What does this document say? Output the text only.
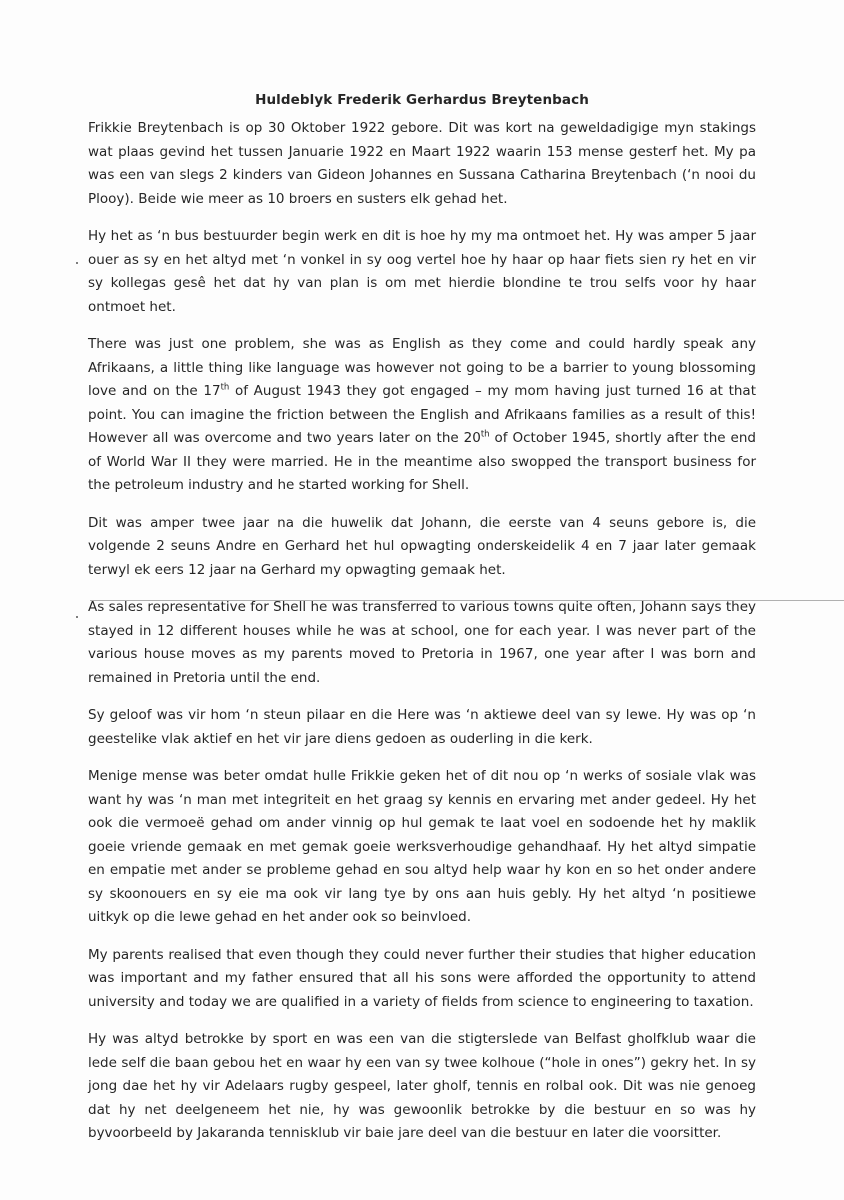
Huldeblyk Frederik Gerhardus Breytenbach

Frikkie Breytenbach is op 30 Oktober 1922 gebore. Dit was kort na geweldadigige myn stakings wat plaas gevind het tussen Januarie 1922 en Maart 1922 waarin 153 mense gesterf het. My pa was een van slegs 2 kinders van Gideon Johannes en Sussana Catharina Breytenbach (‘n nooi du Plooy). Beide wie meer as 10 broers en susters elk gehad het.

Hy het as ‘n bus bestuurder begin werk en dit is hoe hy my ma ontmoet het. Hy was amper 5 jaar ouer as sy en het altyd met ‘n vonkel in sy oog vertel hoe hy haar op haar fiets sien ry het en vir sy kollegas gesê het dat hy van plan is om met hierdie blondine te trou selfs voor hy haar ontmoet het.

There was just one problem, she was as English as they come and could hardly speak any Afrikaans, a little thing like language was however not going to be a barrier to young blossoming love and on the 17th of August 1943 they got engaged – my mom having just turned 16 at that point. You can imagine the friction between the English and Afrikaans families as a result of this! However all was overcome and two years later on the 20th of October 1945, shortly after the end of World War II they were married. He in the meantime also swopped the transport business for the petroleum industry and he started working for Shell.

Dit was amper twee jaar na die huwelik dat Johann, die eerste van 4 seuns gebore is, die volgende 2 seuns Andre en Gerhard het hul opwagting onderskeidelik 4 en 7 jaar later gemaak terwyl ek eers 12 jaar na Gerhard my opwagting gemaak het.

As sales representative for Shell he was transferred to various towns quite often, Johann says they stayed in 12 different houses while he was at school, one for each year. I was never part of the various house moves as my parents moved to Pretoria in 1967, one year after I was born and remained in Pretoria until the end.

Sy geloof was vir hom ‘n steun pilaar en die Here was ‘n aktiewe deel van sy lewe. Hy was op ‘n geestelike vlak aktief en het vir jare diens gedoen as ouderling in die kerk.

Menige mense was beter omdat hulle Frikkie geken het of dit nou op ‘n werks of sosiale vlak was want hy was ‘n man met integriteit en het graag sy kennis en ervaring met ander gedeel. Hy het ook die vermoeë gehad om ander vinnig op hul gemak te laat voel en sodoende het hy maklik goeie vriende gemaak en met gemak goeie werksverhoudige gehandhaaf. Hy het altyd simpatie en empatie met ander se probleme gehad en sou altyd help waar hy kon en so het onder andere sy skoonouers en sy eie ma ook vir lang tye by ons aan huis gebly. Hy het altyd ‘n positiewe uitkyk op die lewe gehad en het ander ook so beinvloed.

My parents realised that even though they could never further their studies that higher education was important and my father ensured that all his sons were afforded the opportunity to attend university and today we are qualified in a variety of fields from science to engineering to taxation.

Hy was altyd betrokke by sport en was een van die stigterslede van Belfast gholfklub waar die lede self die baan gebou het en waar hy een van sy twee kolhoue (“hole in ones”) gekry het. In sy jong dae het hy vir Adelaars rugby gespeel, later gholf, tennis en rolbal ook. Dit was nie genoeg dat hy net deelgeneem het nie, hy was gewoonlik betrokke by die bestuur en so was hy byvoorbeeld by Jakaranda tennisklub vir baie jare deel van die bestuur en later die voorsitter.
